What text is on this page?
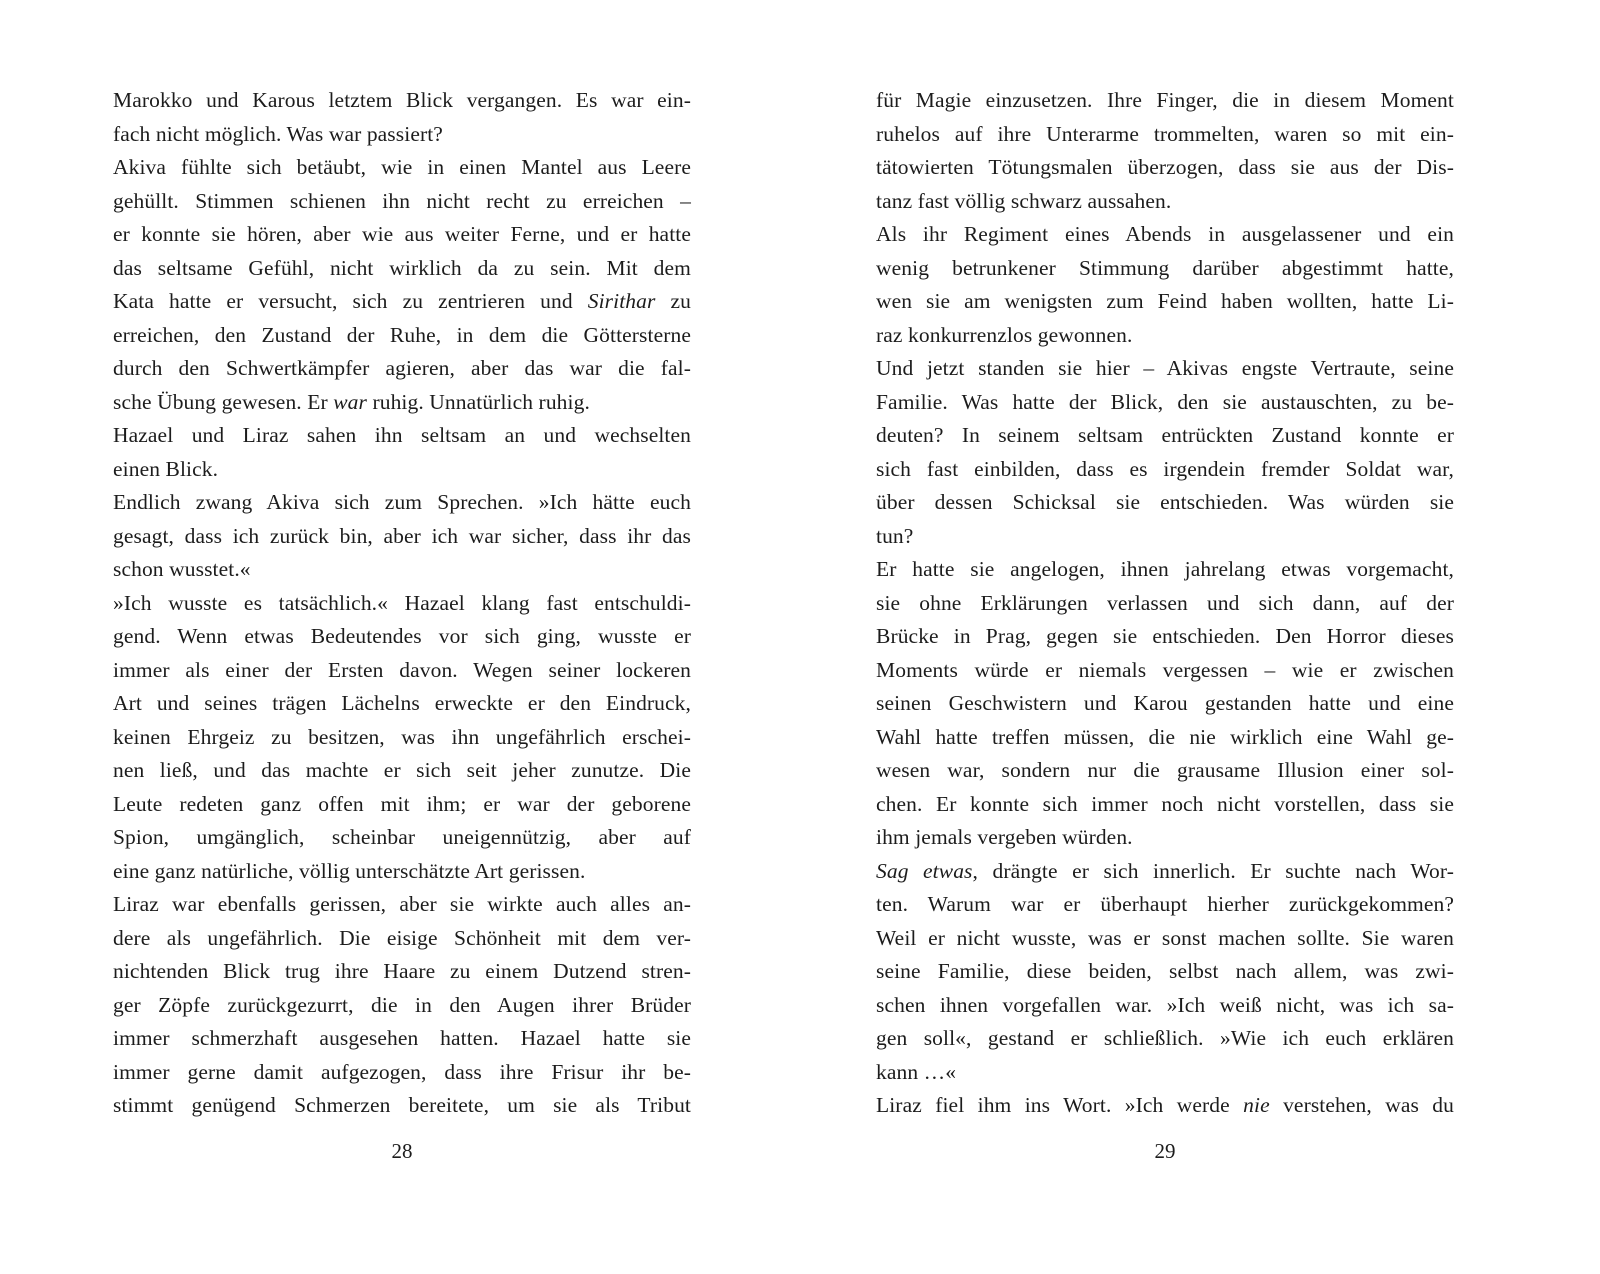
Marokko und Karous letztem Blick vergangen. Es war ein-
fach nicht möglich. Was war passiert?
Akiva fühlte sich betäubt, wie in einen Mantel aus Leere
gehüllt. Stimmen schienen ihn nicht recht zu erreichen –
er konnte sie hören, aber wie aus weiter Ferne, und er hatte
das seltsame Gefühl, nicht wirklich da zu sein. Mit dem
Kata hatte er versucht, sich zu zentrieren und Sirithar zu
erreichen, den Zustand der Ruhe, in dem die Göttersterne
durch den Schwertkämpfer agieren, aber das war die fal-
sche Übung gewesen. Er war ruhig. Unnatürlich ruhig.
Hazael und Liraz sahen ihn seltsam an und wechselten
einen Blick.
Endlich zwang Akiva sich zum Sprechen. »Ich hätte euch
gesagt, dass ich zurück bin, aber ich war sicher, dass ihr das
schon wusstet.«
»Ich wusste es tatsächlich.« Hazael klang fast entschuldi-
gend. Wenn etwas Bedeutendes vor sich ging, wusste er
immer als einer der Ersten davon. Wegen seiner lockeren
Art und seines trägen Lächelns erweckte er den Eindruck,
keinen Ehrgeiz zu besitzen, was ihn ungefährlich erschei-
nen ließ, und das machte er sich seit jeher zunutze. Die
Leute redeten ganz offen mit ihm; er war der geborene
Spion, umgänglich, scheinbar uneigennützig, aber auf
eine ganz natürliche, völlig unterschätzte Art gerissen.
Liraz war ebenfalls gerissen, aber sie wirkte auch alles an-
dere als ungefährlich. Die eisige Schönheit mit dem ver-
nichtenden Blick trug ihre Haare zu einem Dutzend stren-
ger Zöpfe zurückgezurrt, die in den Augen ihrer Brüder
immer schmerzhaft ausgesehen hatten. Hazael hatte sie
immer gerne damit aufgezogen, dass ihre Frisur ihr be-
stimmt genügend Schmerzen bereitete, um sie als Tribut
28
für Magie einzusetzen. Ihre Finger, die in diesem Moment
ruhelos auf ihre Unterarme trommelten, waren so mit ein-
tätowierten Tötungsmalen überzogen, dass sie aus der Dis-
tanz fast völlig schwarz aussahen.
Als ihr Regiment eines Abends in ausgelassener und ein
wenig betrunkener Stimmung darüber abgestimmt hatte,
wen sie am wenigsten zum Feind haben wollten, hatte Li-
raz konkurrenzlos gewonnen.
Und jetzt standen sie hier – Akivas engste Vertraute, seine
Familie. Was hatte der Blick, den sie austauschten, zu be-
deuten? In seinem seltsam entrückten Zustand konnte er
sich fast einbilden, dass es irgendein fremder Soldat war,
über dessen Schicksal sie entschieden. Was würden sie
tun?
Er hatte sie angelogen, ihnen jahrelang etwas vorgemacht,
sie ohne Erklärungen verlassen und sich dann, auf der
Brücke in Prag, gegen sie entschieden. Den Horror dieses
Moments würde er niemals vergessen – wie er zwischen
seinen Geschwistern und Karou gestanden hatte und eine
Wahl hatte treffen müssen, die nie wirklich eine Wahl ge-
wesen war, sondern nur die grausame Illusion einer sol-
chen. Er konnte sich immer noch nicht vorstellen, dass sie
ihm jemals vergeben würden.
Sag etwas, drängte er sich innerlich. Er suchte nach Wor-
ten. Warum war er überhaupt hierher zurückgekommen?
Weil er nicht wusste, was er sonst machen sollte. Sie waren
seine Familie, diese beiden, selbst nach allem, was zwi-
schen ihnen vorgefallen war. »Ich weiß nicht, was ich sa-
gen soll«, gestand er schließlich. »Wie ich euch erklären
kann …«
Liraz fiel ihm ins Wort. »Ich werde nie verstehen, was du
29
